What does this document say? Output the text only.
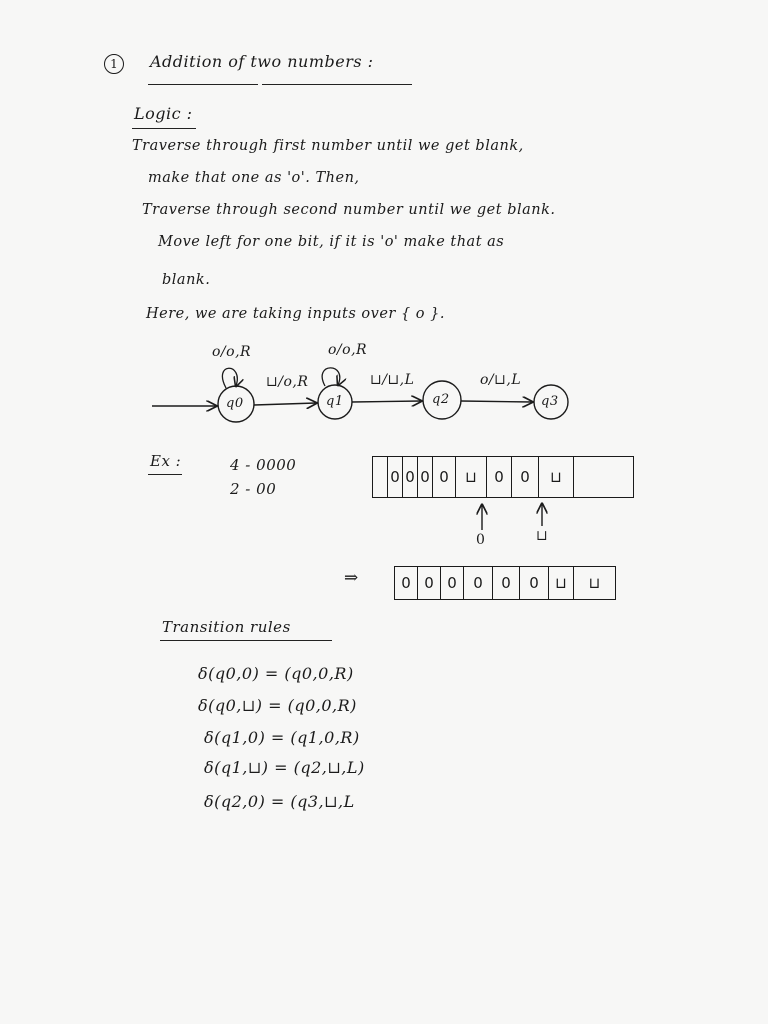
1	Addition of two numbers :
Logic :
Traverse through first number until we get blank,
make that one as 'o'. Then,
Traverse through second number until we get blank.
Move left for one bit, if it is 'o' make that as
blank.
Here, we are taking inputs over { o }.
q0	q1	q2	q3
o/o,R	o/o,R
⊔/o,R	⊔/⊔,L	o/⊔,L
Ex :	4 - 0000
2 - 00
0 0 0 0	⊔	0	0	⊔
0	⊔
⇒	0 0 0	0	0	0	⊔	⊔
Transition rules
δ(q0,0) = (q0,0,R)
δ(q0,⊔) = (q0,0,R)
δ(q1,0) = (q1,0,R)
δ(q1,⊔) = (q2,⊔,L)
δ(q2,0) = (q3,⊔,L
